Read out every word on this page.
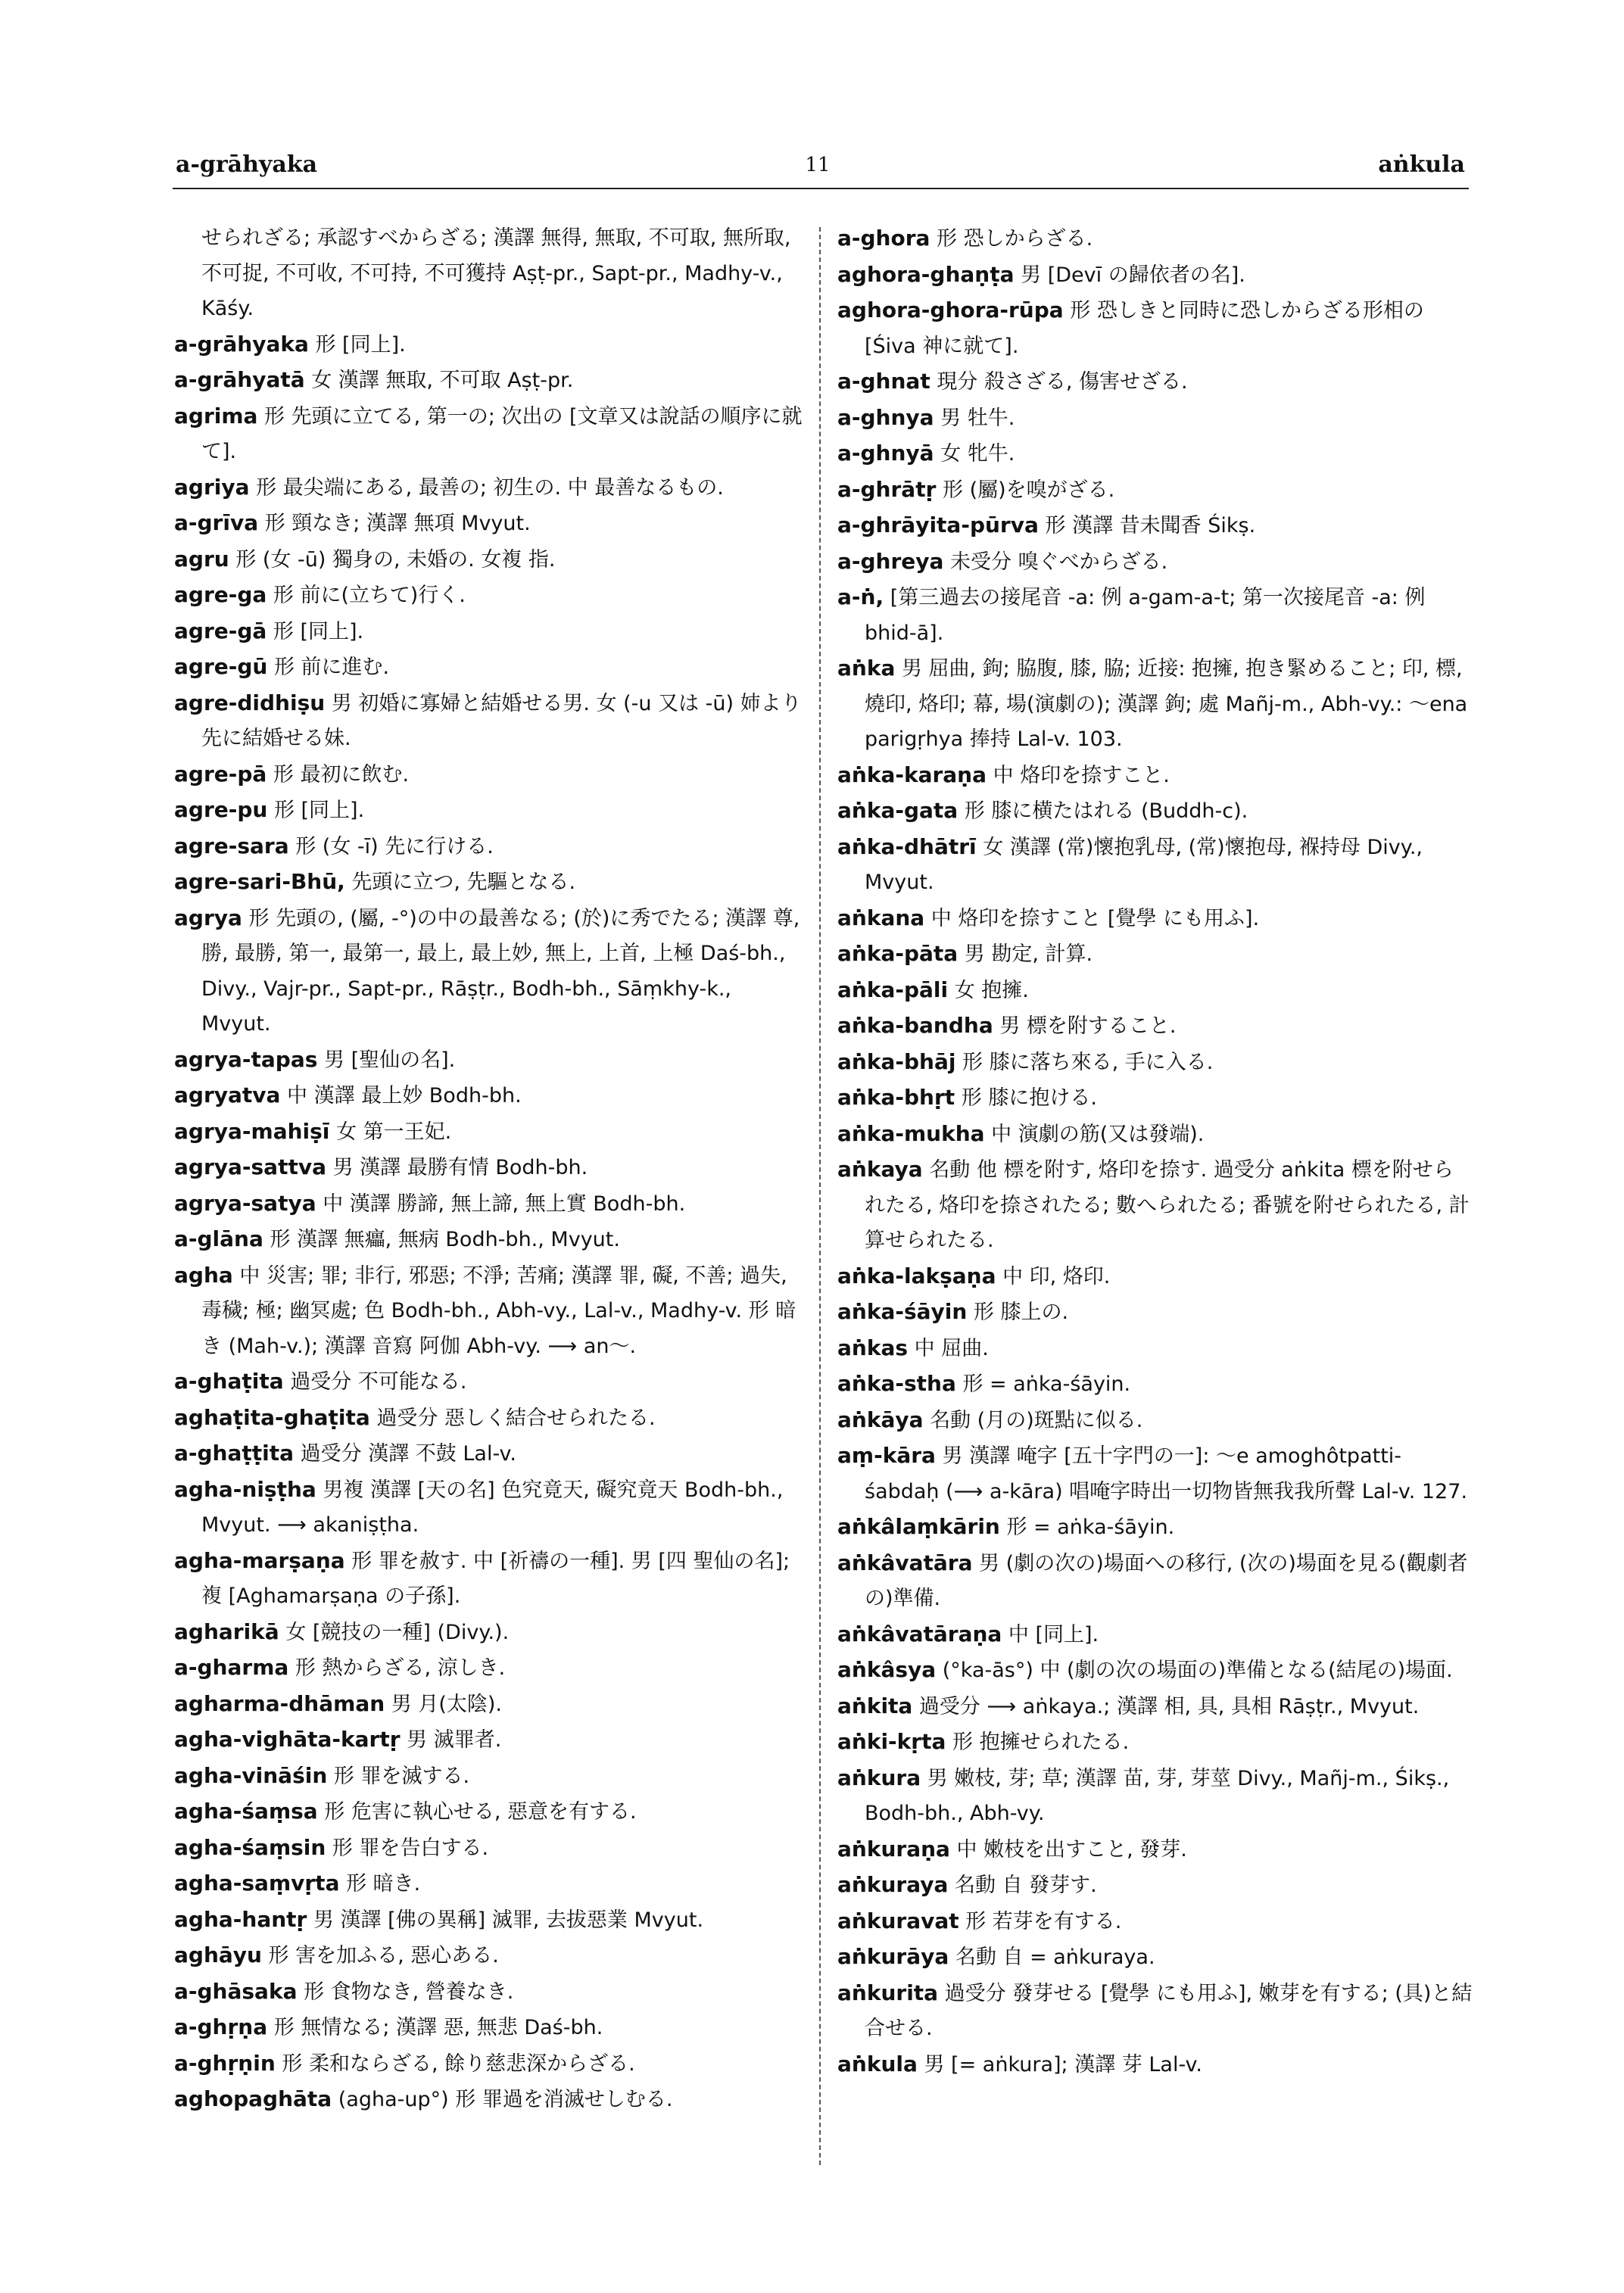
a-grāhyaka	11	aṅkula

せられざる; 承認すべからざる; 漢譯 無得, 無取, 不可取, 無所取, 不可捉, 不可收, 不可持, 不可獲持 Aṣṭ-pr., Sapt-pr., Madhy-v., Kāśy.

a-grāhyaka 形 [同上].

a-grāhyatā 女 漢譯 無取, 不可取 Aṣṭ-pr.

agrima 形 先頭に立てる, 第一の; 次出の [文章又は說話の順序に就て].

agriya 形 最尖端にある, 最善の; 初生の. 中 最善なるもの.

a-grīva 形 頸なき; 漢譯 無項 Mvyut.

agru 形 (女 -ū) 獨身の, 未婚の. 女複 指.

agre-ga 形 前に(立ちて)行く.

agre-gā 形 [同上].

agre-gū 形 前に進む.

agre-didhiṣu 男 初婚に寡婦と結婚せる男. 女 (-u 又は -ū) 姉より先に結婚せる妹.

agre-pā 形 最初に飲む.

agre-pu 形 [同上].

agre-sara 形 (女 -ī) 先に行ける.

agre-sari-Bhū, 先頭に立つ, 先驅となる.

agrya 形 先頭の, (屬, -°)の中の最善なる; (於)に秀でたる; 漢譯 尊, 勝, 最勝, 第一, 最第一, 最上, 最上妙, 無上, 上首, 上極 Daś-bh., Divy., Vajr-pr., Sapt-pr., Rāṣṭr., Bodh-bh., Sāṃkhy-k., Mvyut.

agrya-tapas 男 [聖仙の名].

agryatva 中 漢譯 最上妙 Bodh-bh.

agrya-mahiṣī 女 第一王妃.

agrya-sattva 男 漢譯 最勝有情 Bodh-bh.

agrya-satya 中 漢譯 勝諦, 無上諦, 無上實 Bodh-bh.

a-glāna 形 漢譯 無㿔, 無病 Bodh-bh., Mvyut.

agha 中 災害; 罪; 非行, 邪惡; 不淨; 苦痛; 漢譯 罪, 礙, 不善; 過失, 毒穢; 極; 幽冥處; 色 Bodh-bh., Abh-vy., Lal-v., Madhy-v. 形 暗き (Mah-v.); 漢譯 音寫 阿伽 Abh-vy. ⟶ an〜.

a-ghaṭita 過受分 不可能なる.

aghaṭita-ghaṭita 過受分 惡しく結合せられたる.

a-ghaṭṭita 過受分 漢譯 不鼓 Lal-v.

agha-niṣṭha 男複 漢譯 [天の名] 色究竟天, 礙究竟天 Bodh-bh., Mvyut. ⟶ akaniṣṭha.

agha-marṣaṇa 形 罪を赦す. 中 [祈禱の一種]. 男 [四 聖仙の名]; 複 [Aghamarṣaṇa の子孫].

agharikā 女 [競技の一種] (Divy.).

a-gharma 形 熱からざる, 涼しき.

agharma-dhāman 男 月(太陰).

agha-vighāta-kartṛ 男 滅罪者.

agha-vināśin 形 罪を滅する.

agha-śaṃsa 形 危害に執心せる, 惡意を有する.

agha-śaṃsin 形 罪を告白する.

agha-saṃvṛta 形 暗き.

agha-hantṛ 男 漢譯 [佛の異稱] 滅罪, 去拔惡業 Mvyut.

aghāyu 形 害を加ふる, 惡心ある.

a-ghāsaka 形 食物なき, 營養なき.

a-ghṛṇa 形 無情なる; 漢譯 惡, 無悲 Daś-bh.

a-ghṛṇin 形 柔和ならざる, 餘り慈悲深からざる.

aghopaghāta (agha-up°) 形 罪過を消滅せしむる.

a-ghora 形 恐しからざる.

aghora-ghaṇṭa 男 [Devī の歸依者の名].

aghora-ghora-rūpa 形 恐しきと同時に恐しからざる形相の [Śiva 神に就て].

a-ghnat 現分 殺さざる, 傷害せざる.

a-ghnya 男 牡牛.

a-ghnyā 女 牝牛.

a-ghrātṛ 形 (屬)を嗅がざる.

a-ghrāyita-pūrva 形 漢譯 昔未聞香 Śikṣ.

a-ghreya 未受分 嗅ぐべからざる.

a-ṅ, [第三過去の接尾音 -a: 例 a-gam-a-t; 第一次接尾音 -a: 例 bhid-ā].

aṅka 男 屈曲, 鉤; 脇腹, 膝, 脇; 近接: 抱擁, 抱き緊めること; 印, 標, 燒印, 烙印; 幕, 場(演劇の); 漢譯 鉤; 處 Mañj-m., Abh-vy.: 〜ena parigṛhya 捧持 Lal-v. 103.

aṅka-karaṇa 中 烙印を捺すこと.

aṅka-gata 形 膝に横たはれる (Buddh-c).

aṅka-dhātrī 女 漢譯 (常)懷抱乳母, (常)懷抱母, 褓持母 Divy., Mvyut.

aṅkana 中 烙印を捺すこと [覺學 にも用ふ].

aṅka-pāta 男 勘定, 計算.

aṅka-pāli 女 抱擁.

aṅka-bandha 男 標を附すること.

aṅka-bhāj 形 膝に落ち來る, 手に入る.

aṅka-bhṛt 形 膝に抱ける.

aṅka-mukha 中 演劇の筋(又は發端).

aṅkaya 名動 他 標を附す, 烙印を捺す. 過受分 aṅkita 標を附せられたる, 烙印を捺されたる; 數へられたる; 番號を附せられたる, 計算せられたる.

aṅka-lakṣaṇa 中 印, 烙印.

aṅka-śāyin 形 膝上の.

aṅkas 中 屈曲.

aṅka-stha 形 = aṅka-śāyin.

aṅkāya 名動 (月の)斑點に似る.

aṃ-kāra 男 漢譯 唵字 [五十字門の一]: 〜e amoghôtpatti-śabdaḥ (⟶ a-kāra) 唱唵字時出一切物皆無我我所聲 Lal-v. 127.

aṅkâlaṃkārin 形 = aṅka-śāyin.

aṅkâvatāra 男 (劇の次の)場面への移行, (次の)場面を見る(觀劇者の)準備.

aṅkâvatāraṇa 中 [同上].

aṅkâsya (°ka-ās°) 中 (劇の次の場面の)準備となる(結尾の)場面.

aṅkita 過受分 ⟶ aṅkaya.; 漢譯 相, 具, 具相 Rāṣṭr., Mvyut.

aṅki-kṛta 形 抱擁せられたる.

aṅkura 男 嫩枝, 芽; 草; 漢譯 苗, 芽, 芽莖 Divy., Mañj-m., Śikṣ., Bodh-bh., Abh-vy.

aṅkuraṇa 中 嫩枝を出すこと, 發芽.

aṅkuraya 名動 自 發芽す.

aṅkuravat 形 若芽を有する.

aṅkurāya 名動 自 = aṅkuraya.

aṅkurita 過受分 發芽せる [覺學 にも用ふ], 嫩芽を有する; (具)と結合せる.

aṅkula 男 [= aṅkura]; 漢譯 芽 Lal-v.
